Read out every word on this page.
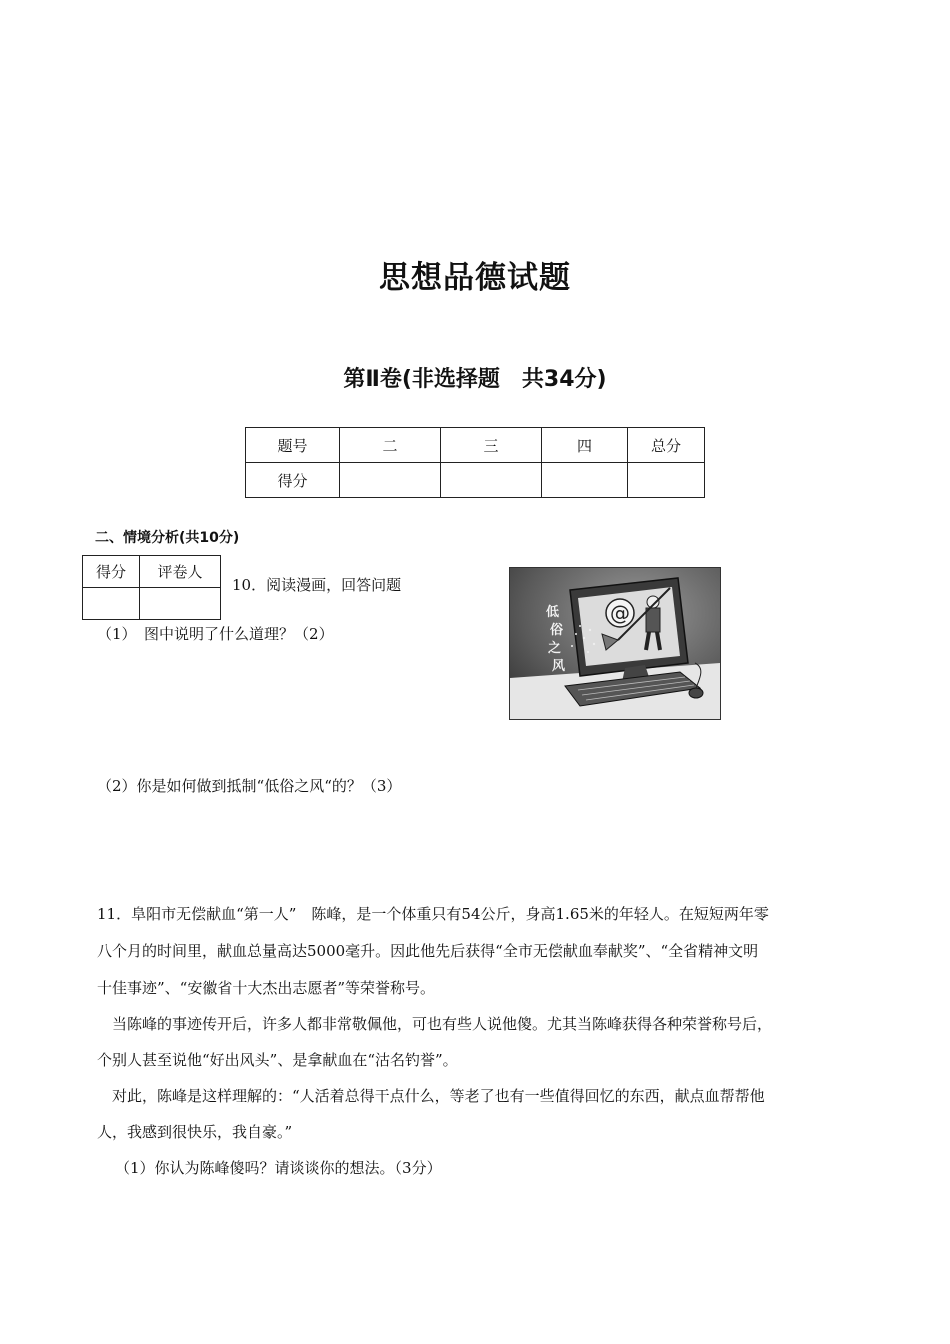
思想品德试题
第Ⅱ卷(非选择题　共34分)
题号	二	三	四	总分
得分				
二、情境分析(共10分)
得分	评卷人

10．阅读漫画，回答问题
（1）　图中说明了什么道理？（2）
@
低
俗
之
风
（2）你是如何做到抵制“低俗之风“的？（3）
11．阜阳市无偿献血“第一人”　陈峰，是一个体重只有54公斤，身高1.65米的年轻人。在短短两年零
八个月的时间里，献血总量高达5000毫升。因此他先后获得“全市无偿献血奉献奖”、“全省精神文明
十佳事迹”、“安徽省十大杰出志愿者”等荣誉称号。
　当陈峰的事迹传开后，许多人都非常敬佩他，可也有些人说他傻。尤其当陈峰获得各种荣誉称号后，
个别人甚至说他“好出风头”、是拿献血在“沽名钓誉”。
　对此，陈峰是这样理解的：“人活着总得干点什么，等老了也有一些值得回忆的东西，献点血帮帮他
人，我感到很快乐，我自豪。”
（1）你认为陈峰傻吗？请谈谈你的想法。（3分）
